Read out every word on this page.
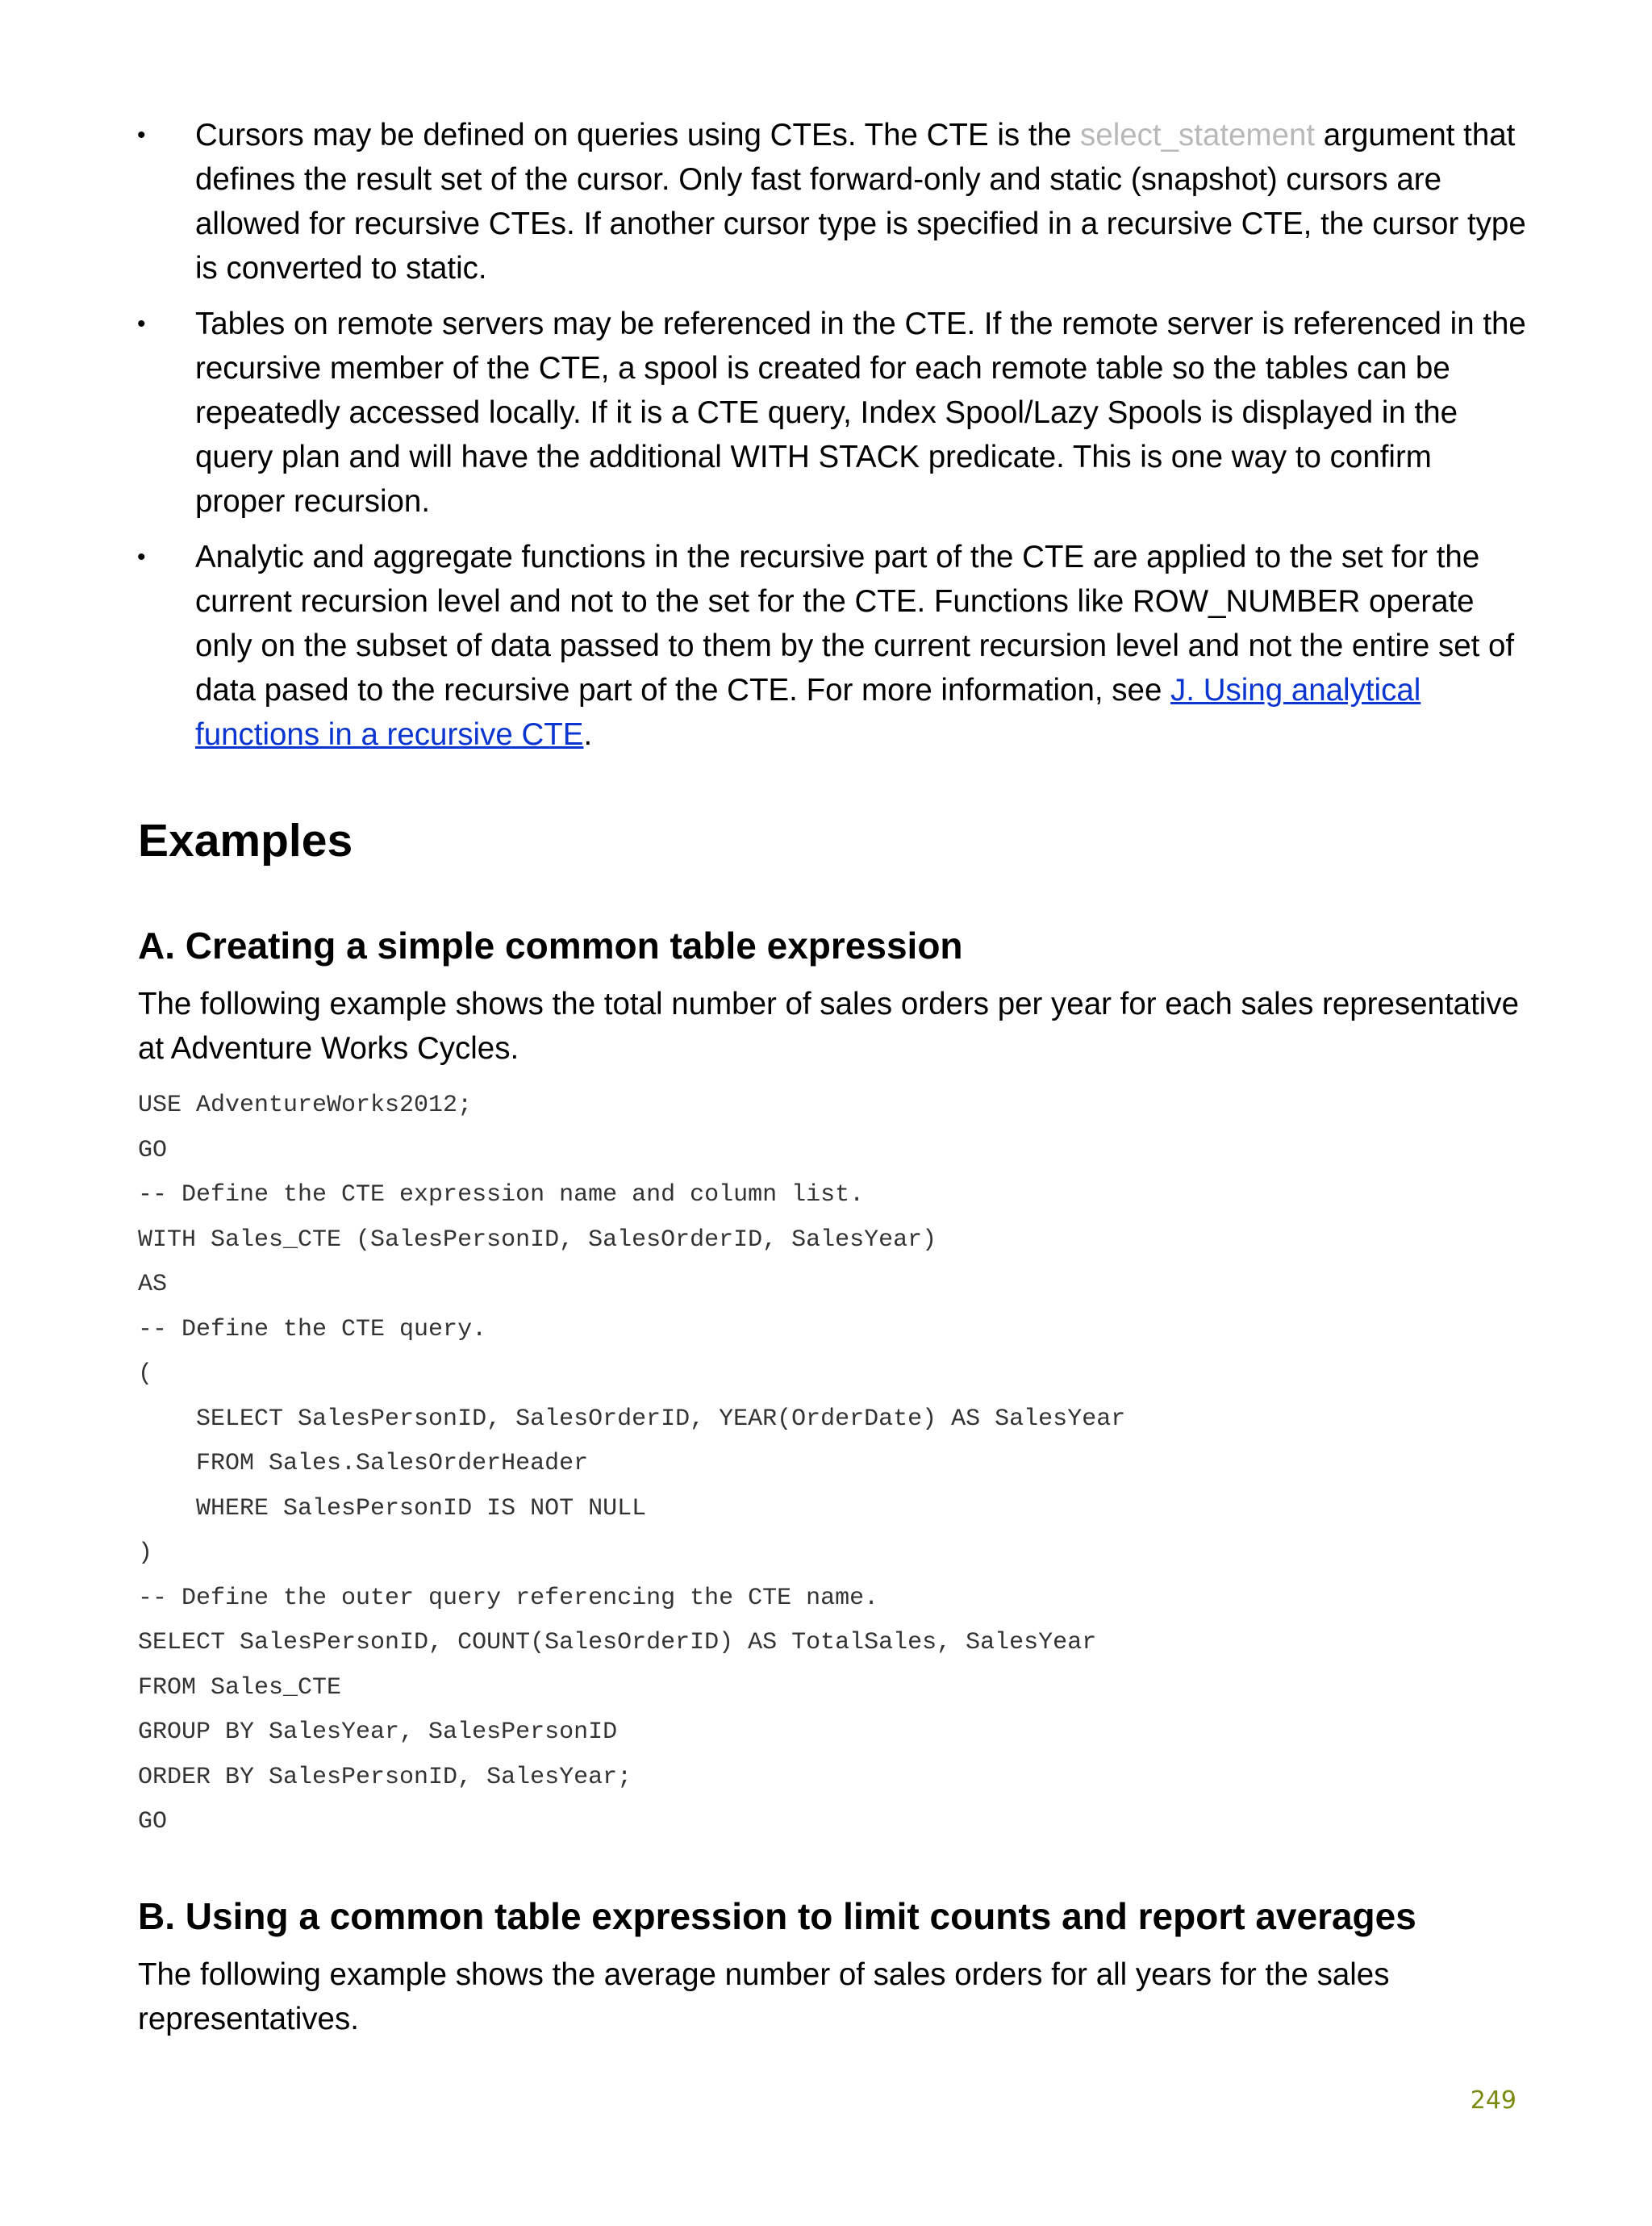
• Cursors may be defined on queries using CTEs. The CTE is the select_statement argument that defines the result set of the cursor. Only fast forward-only and static (snapshot) cursors are allowed for recursive CTEs. If another cursor type is specified in a recursive CTE, the cursor type is converted to static.
• Tables on remote servers may be referenced in the CTE. If the remote server is referenced in the recursive member of the CTE, a spool is created for each remote table so the tables can be repeatedly accessed locally. If it is a CTE query, Index Spool/Lazy Spools is displayed in the query plan and will have the additional WITH STACK predicate. This is one way to confirm proper recursion.
• Analytic and aggregate functions in the recursive part of the CTE are applied to the set for the current recursion level and not to the set for the CTE. Functions like ROW_NUMBER operate only on the subset of data passed to them by the current recursion level and not the entire set of data pased to the recursive part of the CTE. For more information, see J. Using analytical functions in a recursive CTE.
Examples
A. Creating a simple common table expression

The following example shows the total number of sales orders per year for each sales representative at Adventure Works Cycles.

USE AdventureWorks2012;
GO
-- Define the CTE expression name and column list.
WITH Sales_CTE (SalesPersonID, SalesOrderID, SalesYear)
AS
-- Define the CTE query.
(
SELECT SalesPersonID, SalesOrderID, YEAR(OrderDate) AS SalesYear
FROM Sales.SalesOrderHeader
WHERE SalesPersonID IS NOT NULL
)
-- Define the outer query referencing the CTE name.
SELECT SalesPersonID, COUNT(SalesOrderID) AS TotalSales, SalesYear
FROM Sales_CTE
GROUP BY SalesYear, SalesPersonID
ORDER BY SalesPersonID, SalesYear;
GO
B. Using a common table expression to limit counts and report averages

The following example shows the average number of sales orders for all years for the sales representatives.

249
